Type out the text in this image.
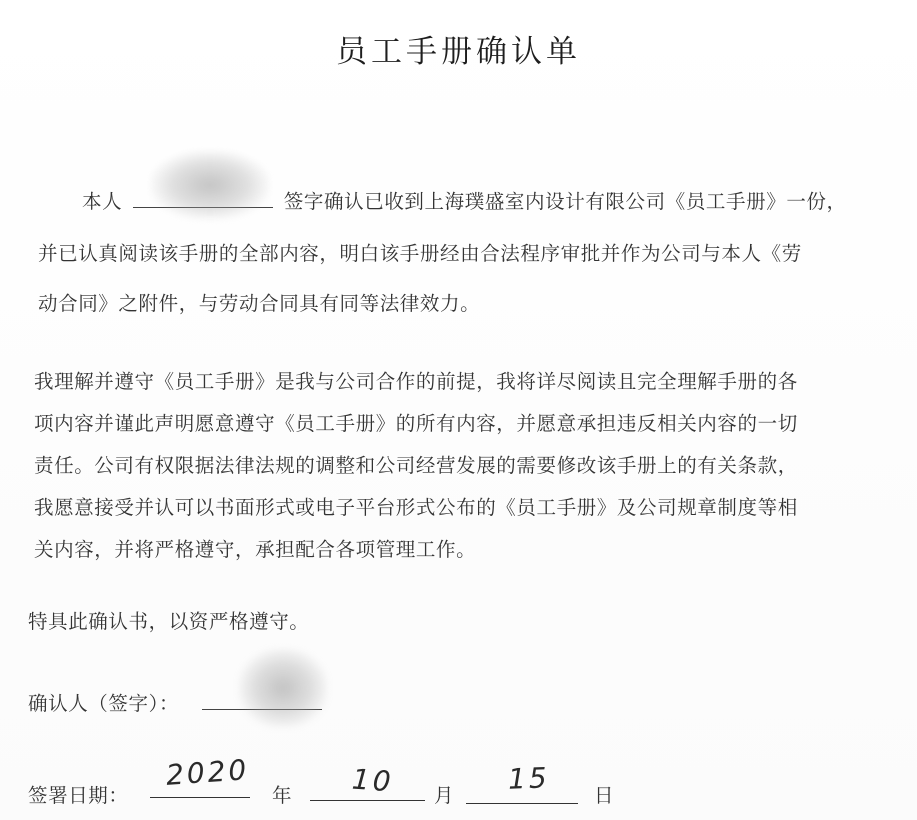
员工手册确认单
本人	签字确认已收到上海璞盛室内设计有限公司《员工手册》一份，
并已认真阅读该手册的全部内容，明白该手册经由合法程序审批并作为公司与本人《劳
动合同》之附件，与劳动合同具有同等法律效力。
我理解并遵守《员工手册》是我与公司合作的前提，我将详尽阅读且完全理解手册的各
项内容并谨此声明愿意遵守《员工手册》的所有内容，并愿意承担违反相关内容的一切
责任。公司有权限据法律法规的调整和公司经营发展的需要修改该手册上的有关条款，
我愿意接受并认可以书面形式或电子平台形式公布的《员工手册》及公司规章制度等相
关内容，并将严格遵守，承担配合各项管理工作。
特具此确认书，以资严格遵守。
确认人（签字）：
签署日期：
2020
年 10 月 15 日
